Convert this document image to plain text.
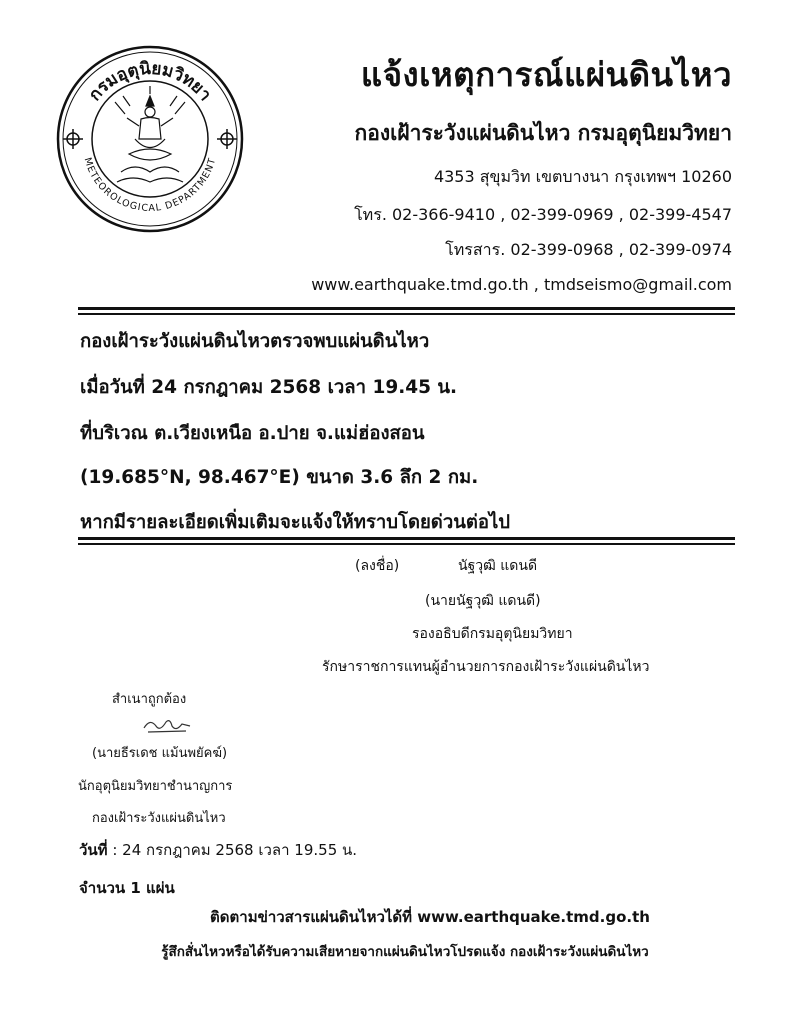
กรมอุตุนิยมวิทยา
METEOROLOGICAL DEPARTMENT
แจ้งเหตุการณ์แผ่นดินไหว
กองเฝ้าระวังแผ่นดินไหว กรมอุตุนิยมวิทยา
4353 สุขุมวิท เขตบางนา กรุงเทพฯ 10260
โทร. 02-366-9410 , 02-399-0969 , 02-399-4547
โทรสาร. 02-399-0968 , 02-399-0974
www.earthquake.tmd.go.th , tmdseismo@gmail.com
กองเฝ้าระวังแผ่นดินไหวตรวจพบแผ่นดินไหว
เมื่อวันที่ 24 กรกฎาคม 2568 เวลา 19.45 น.
ที่บริเวณ ต.เวียงเหนือ อ.ปาย จ.แม่ฮ่องสอน
(19.685°N, 98.467°E) ขนาด 3.6 ลึก 2 กม.
หากมีรายละเอียดเพิ่มเติมจะแจ้งให้ทราบโดยด่วนต่อไป
(ลงชื่อ)	นัฐวุฒิ แดนดี
(นายนัฐวุฒิ แดนดี)
รองอธิบดีกรมอุตุนิยมวิทยา
รักษาราชการแทนผู้อำนวยการกองเฝ้าระวังแผ่นดินไหว
สำเนาถูกต้อง
(นายธีรเดช แม้นพยัคฆ์)
นักอุตุนิยมวิทยาชำนาญการ
กองเฝ้าระวังแผ่นดินไหว
วันที่ : 24 กรกฎาคม 2568 เวลา 19.55 น.
จำนวน 1 แผ่น
ติดตามข่าวสารแผ่นดินไหวได้ที่ www.earthquake.tmd.go.th
รู้สึกสั่นไหวหรือได้รับความเสียหายจากแผ่นดินไหวโปรดแจ้ง กองเฝ้าระวังแผ่นดินไหว
